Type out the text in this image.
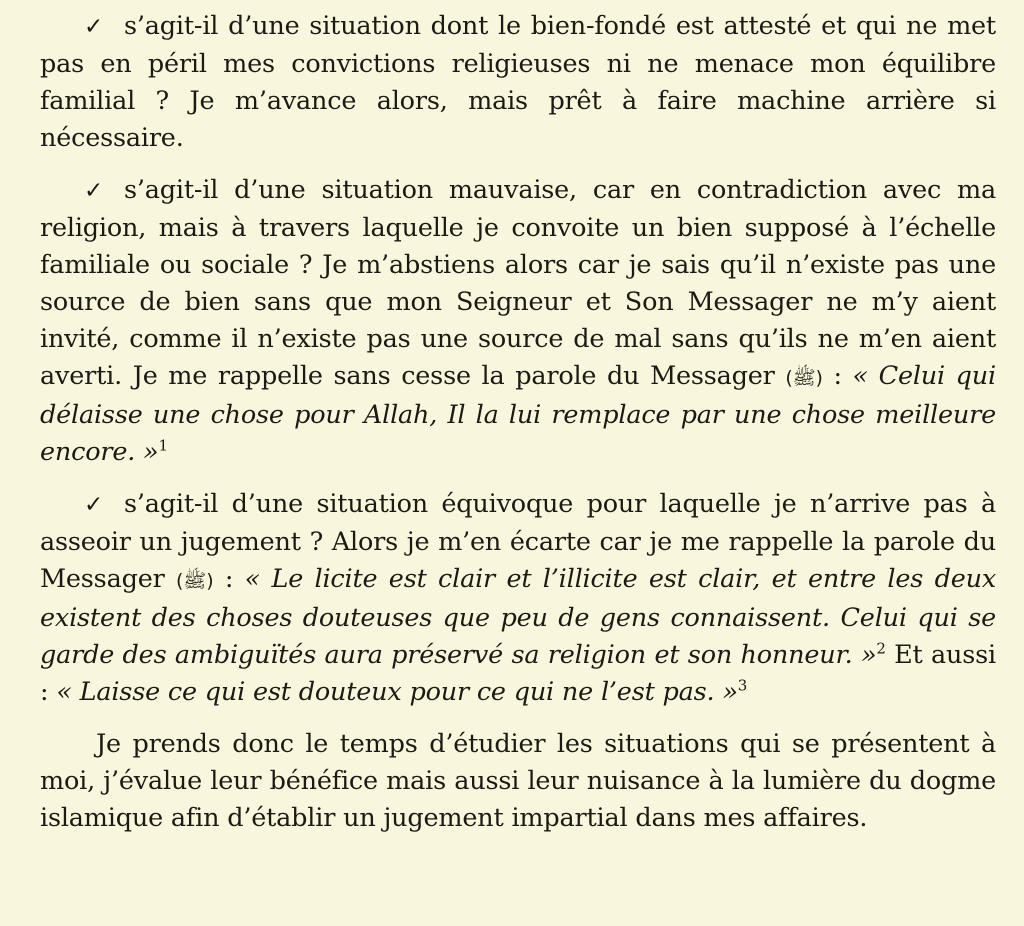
✓ s’agit-il d’une situation dont le bien-fondé est attesté et qui ne met pas en péril mes convictions religieuses ni ne menace mon équilibre familial ? Je m’avance alors, mais prêt à faire machine arrière si nécessaire.

✓ s’agit-il d’une situation mauvaise, car en contradiction avec ma religion, mais à travers laquelle je convoite un bien supposé à l’échelle familiale ou sociale ? Je m’abstiens alors car je sais qu’il n’existe pas une source de bien sans que mon Seigneur et Son Messager ne m’y aient invité, comme il n’existe pas une source de mal sans qu’ils ne m’en aient averti. Je me rappelle sans cesse la parole du Messager (ﷺ) : « Celui qui délaisse une chose pour Allah, Il la lui remplace par une chose meilleure encore. »$^1$

✓ s’agit-il d’une situation équivoque pour laquelle je n’arrive pas à asseoir un jugement ? Alors je m’en écarte car je me rappelle la parole du Messager (ﷺ) : « Le licite est clair et l’illicite est clair, et entre les deux existent des choses douteuses que peu de gens connaissent. Celui qui se garde des ambiguïtés aura préservé sa religion et son honneur. »$^2$ Et aussi : « Laisse ce qui est douteux pour ce qui ne l’est pas. »$^3$

Je prends donc le temps d’étudier les situations qui se présentent à moi, j’évalue leur bénéfice mais aussi leur nuisance à la lumière du dogme islamique afin d’établir un jugement impartial dans mes affaires.
